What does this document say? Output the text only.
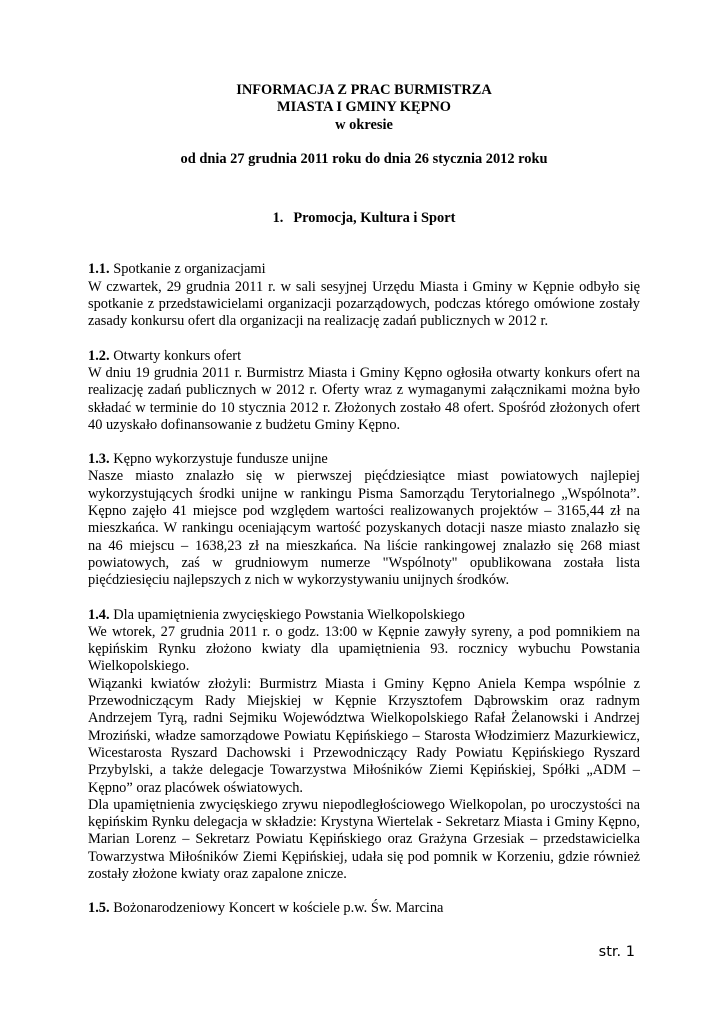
INFORMACJA Z PRAC BURMISTRZA
MIASTA I GMINY KĘPNO
w okresie
od dnia 27 grudnia 2011 roku do dnia 26 stycznia 2012 roku
1. Promocja, Kultura i Sport
1.1. Spotkanie z organizacjami

W czwartek, 29 grudnia 2011 r. w sali sesyjnej Urzędu Miasta i Gminy w Kępnie odbyło się spotkanie z przedstawicielami organizacji pozarządowych, podczas którego omówione zostały zasady konkursu ofert dla organizacji na realizację zadań publicznych w 2012 r.

1.2. Otwarty konkurs ofert

W dniu 19 grudnia 2011 r. Burmistrz Miasta i Gminy Kępno ogłosiła otwarty konkurs ofert na realizację zadań publicznych w 2012 r. Oferty wraz z wymaganymi załącznikami można było składać w terminie do 10 stycznia 2012 r. Złożonych zostało 48 ofert. Spośród złożonych ofert 40 uzyskało dofinansowanie z budżetu Gminy Kępno.

1.3. Kępno wykorzystuje fundusze unijne

Nasze miasto znalazło się w pierwszej pięćdziesiątce miast powiatowych najlepiej wykorzystujących środki unijne w rankingu Pisma Samorządu Terytorialnego „Wspólnota”. Kępno zajęło 41 miejsce pod względem wartości realizowanych projektów – 3165,44 zł na mieszkańca. W rankingu oceniającym wartość pozyskanych dotacji nasze miasto znalazło się na 46 miejscu – 1638,23 zł na mieszkańca. Na liście rankingowej znalazło się 268 miast powiatowych, zaś w grudniowym numerze "Wspólnoty" opublikowana została lista pięćdziesięciu najlepszych z nich w wykorzystywaniu unijnych środków.

1.4. Dla upamiętnienia zwycięskiego Powstania Wielkopolskiego

We wtorek, 27 grudnia 2011 r. o godz. 13:00 w Kępnie zawyły syreny, a pod pomnikiem na kępińskim Rynku złożono kwiaty dla upamiętnienia 93. rocznicy wybuchu Powstania Wielkopolskiego.

Wiązanki kwiatów złożyli: Burmistrz Miasta i Gminy Kępno Aniela Kempa wspólnie z Przewodniczącym Rady Miejskiej w Kępnie Krzysztofem Dąbrowskim oraz radnym Andrzejem Tyrą, radni Sejmiku Województwa Wielkopolskiego Rafał Żelanowski i Andrzej Mroziński, władze samorządowe Powiatu Kępińskiego – Starosta Włodzimierz Mazurkiewicz, Wicestarosta Ryszard Dachowski i Przewodniczący Rady Powiatu Kępińskiego Ryszard Przybylski, a także delegacje Towarzystwa Miłośników Ziemi Kępińskiej, Spółki „ADM – Kępno” oraz placówek oświatowych.

Dla upamiętnienia zwycięskiego zrywu niepodległościowego Wielkopolan, po uroczystości na kępińskim Rynku delegacja w składzie: Krystyna Wiertelak - Sekretarz Miasta i Gminy Kępno, Marian Lorenz – Sekretarz Powiatu Kępińskiego oraz Grażyna Grzesiak – przedstawicielka Towarzystwa Miłośników Ziemi Kępińskiej, udała się pod pomnik w Korzeniu, gdzie również zostały złożone kwiaty oraz zapalone znicze.

1.5. Bożonarodzeniowy Koncert w kościele p.w. Św. Marcina
str. 1
